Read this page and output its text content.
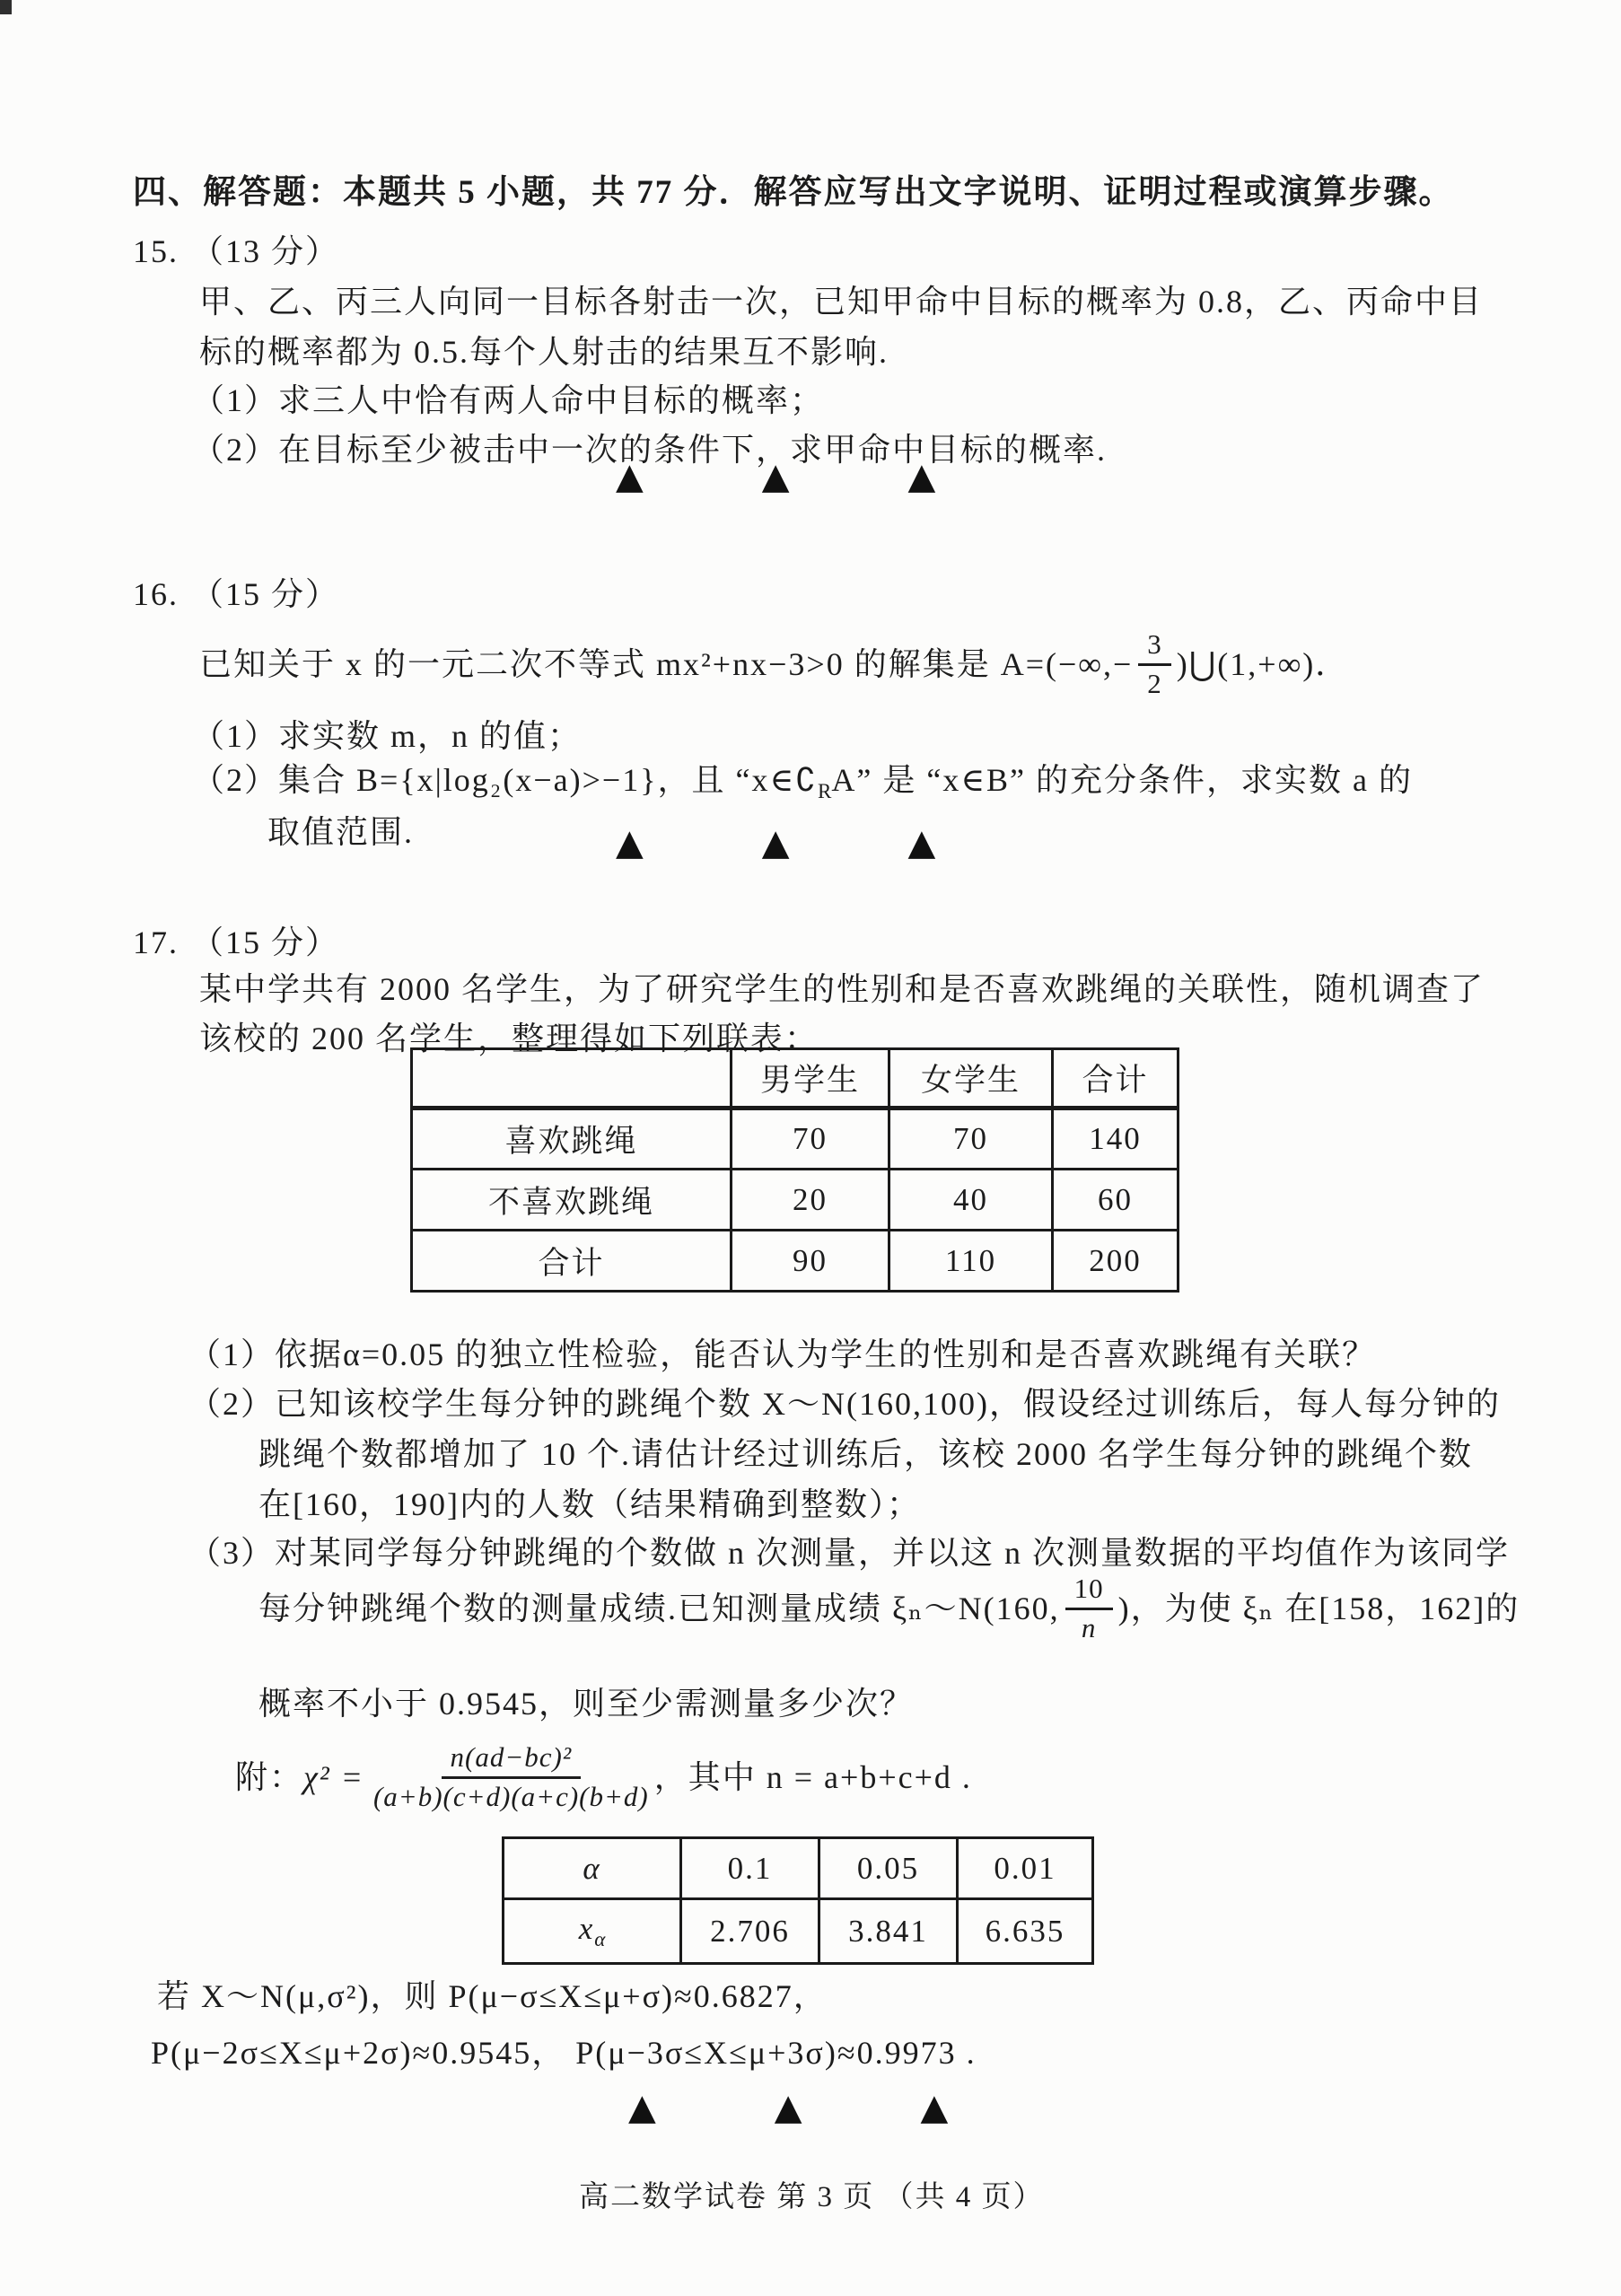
四、解答题：本题共 5 小题，共 77 分．解答应写出文字说明、证明过程或演算步骤。
15. （13 分）
甲、乙、丙三人向同一目标各射击一次，已知甲命中目标的概率为 0.8，乙、丙命中目
标的概率都为 0.5.每个人射击的结果互不影响.
（1）求三人中恰有两人命中目标的概率；
（2）在目标至少被击中一次的条件下，求甲命中目标的概率.
▲	▲	▲
16. （15 分）
已知关于 x 的一元二次不等式 mx²+nx−3>0 的解集是 $A=(-\infty,- \frac{3}{2}$ )⋃(1,+∞)．
（1）求实数 m，n 的值；
（2）集合 B={x|log₂(x−a)>−1}，且 “$x\in∁_RA$” 是 “x∈B” 的充分条件，求实数 a 的
取值范围.	▲	▲	▲
17. （15 分）
某中学共有 2000 名学生，为了研究学生的性别和是否喜欢跳绳的关联性，随机调查了
该校的 200 名学生，整理得如下列联表：
	男学生	女学生	合计
喜欢跳绳	70	70	140
不喜欢跳绳	20	40	60
合计	90	110	200
（1）依据α=0.05 的独立性检验，能否认为学生的性别和是否喜欢跳绳有关联？
（2）已知该校学生每分钟的跳绳个数 X～N(160,100)，假设经过训练后，每人每分钟的
跳绳个数都增加了 10 个.请估计经过训练后，该校 2000 名学生每分钟的跳绳个数
在[160，190]内的人数（结果精确到整数）；
（3）对某同学每分钟跳绳的个数做 n 次测量，并以这 n 次测量数据的平均值作为该同学
每分钟跳绳个数的测量成绩.已知测量成绩 ξₙ～N(160, $\frac{10}{n}$ )，为使 ξₙ 在[158，162]的
概率不小于 0.9545，则至少需测量多少次？
附： $\chi^2 = \frac{\text{n(ad−bc)²}}{(a+b)(c+d)(a+c)(b+d)}$ ，其中 n = a+b+c+d .
α	0.1	0.05	0.01
$x_\alpha$	2.706	3.841	6.635
若 X～N(μ,σ²)，则 P(μ−σ≤X≤μ+σ)≈0.6827，
P(μ−2σ≤X≤μ+2σ)≈0.9545， P(μ−3σ≤X≤μ+3σ)≈0.9973 .
▲	▲	▲
高二数学试卷 第 3 页 （共 4 页）
